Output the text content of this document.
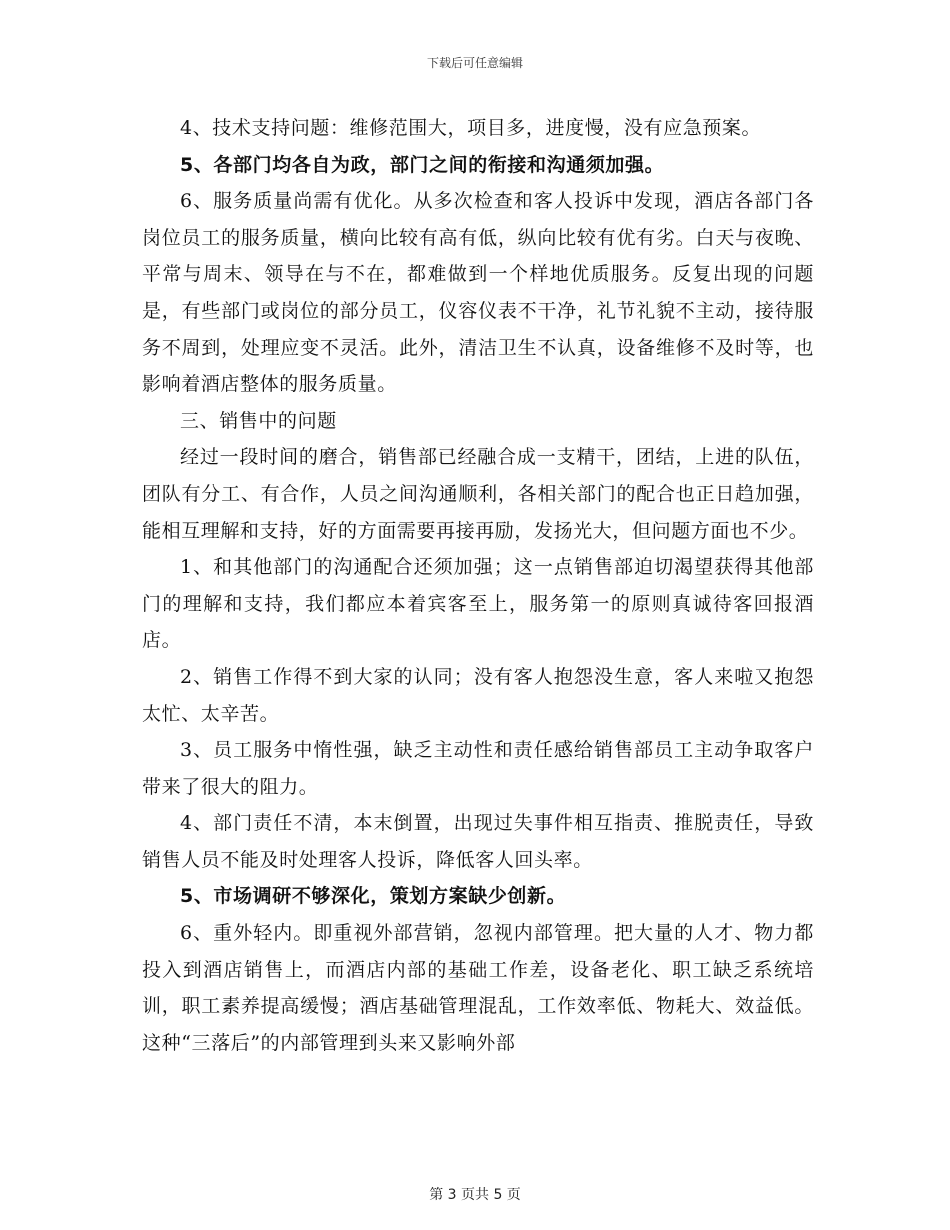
下载后可任意编辑

4、技术支持问题：维修范围大，项目多，进度慢，没有应急预案。

5、各部门均各自为政，部门之间的衔接和沟通须加强。

6、服务质量尚需有优化。从多次检查和客人投诉中发现，酒店各部门各岗位员工的服务质量，横向比较有高有低，纵向比较有优有劣。白天与夜晚、平常与周末、领导在与不在，都难做到一个样地优质服务。反复出现的问题是，有些部门或岗位的部分员工，仪容仪表不干净，礼节礼貌不主动，接待服务不周到，处理应变不灵活。此外，清洁卫生不认真，设备维修不及时等，也影响着酒店整体的服务质量。

三、销售中的问题

经过一段时间的磨合，销售部已经融合成一支精干，团结，上进的队伍，团队有分工、有合作，人员之间沟通顺利，各相关部门的配合也正日趋加强，能相互理解和支持，好的方面需要再接再励，发扬光大，但问题方面也不少。

1、和其他部门的沟通配合还须加强；这一点销售部迫切渴望获得其他部门的理解和支持，我们都应本着宾客至上，服务第一的原则真诚待客回报酒店。

2、销售工作得不到大家的认同；没有客人抱怨没生意，客人来啦又抱怨太忙、太辛苦。

3、员工服务中惰性强，缺乏主动性和责任感给销售部员工主动争取客户带来了很大的阻力。

4、部门责任不清，本末倒置，出现过失事件相互指责、推脱责任，导致销售人员不能及时处理客人投诉，降低客人回头率。

5、市场调研不够深化，策划方案缺少创新。

6、重外轻内。即重视外部营销，忽视内部管理。把大量的人才、物力都投入到酒店销售上，而酒店内部的基础工作差，设备老化、职工缺乏系统培训，职工素养提高缓慢；酒店基础管理混乱，工作效率低、物耗大、效益低。这种“三落后”的内部管理到头来又影响外部

第 3 页共 5 页
